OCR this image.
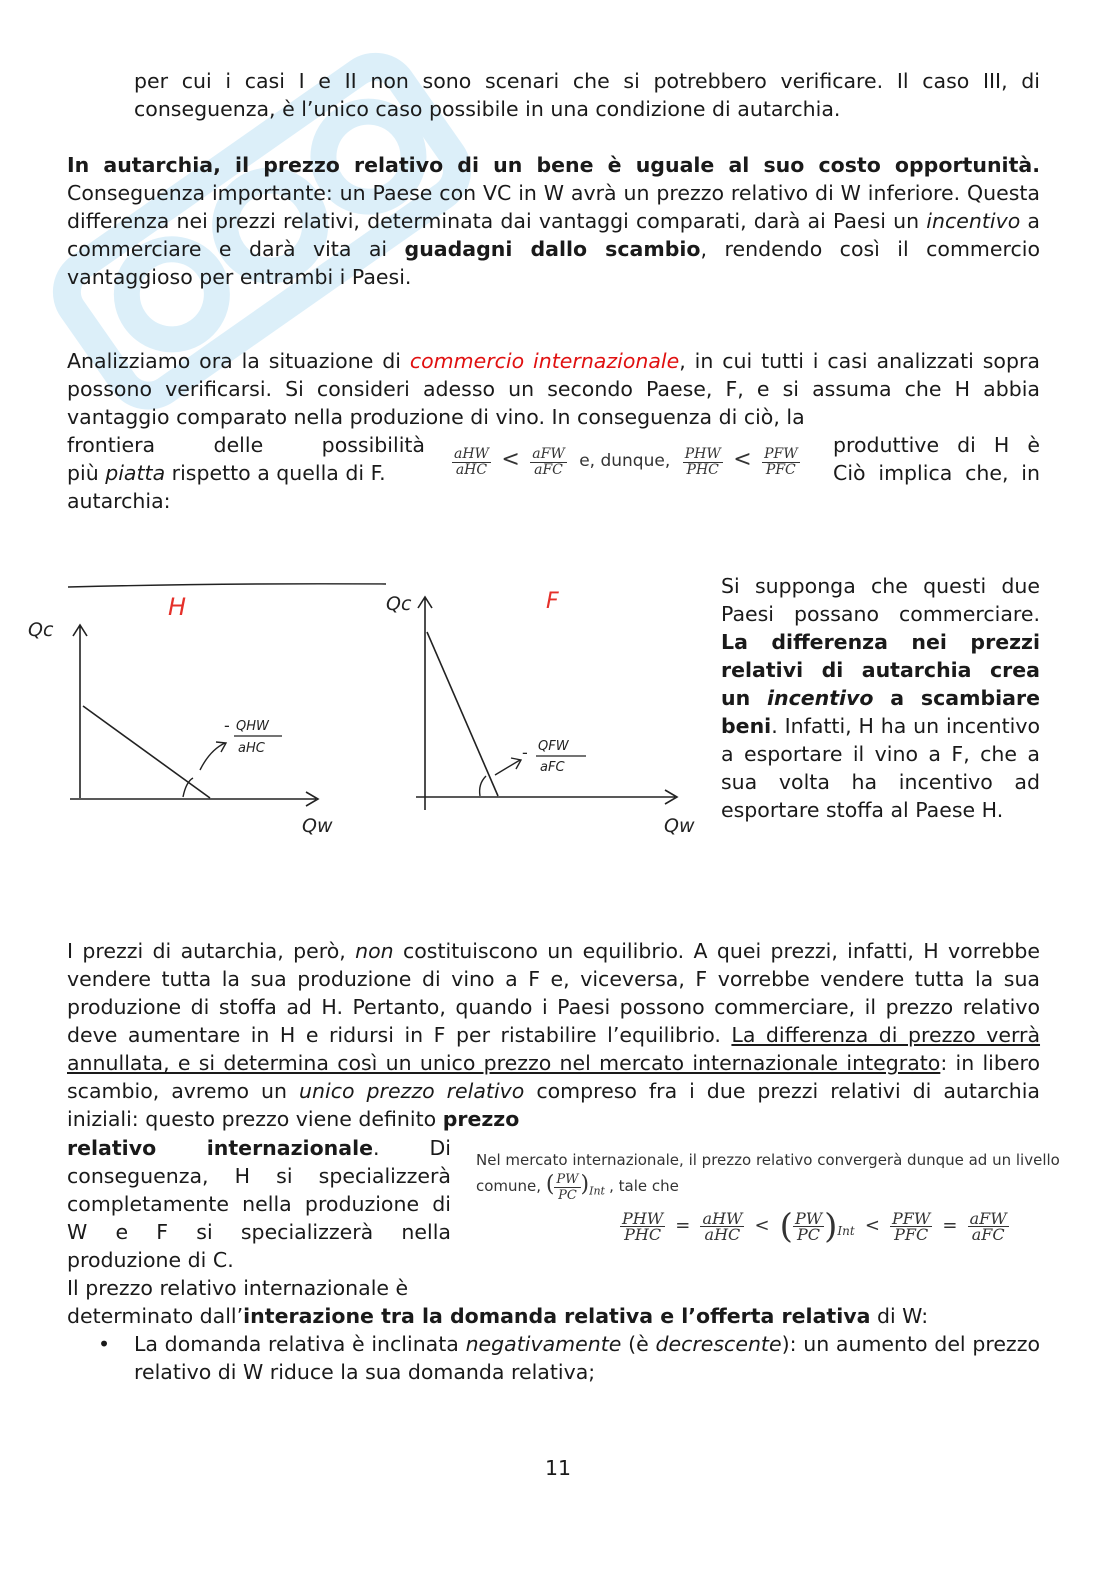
per cui i casi I e II non sono scenari che si potrebbero verificare. Il caso III, di conseguenza, è l’unico caso possibile in una condizione di autarchia.
In autarchia, il prezzo relativo di un bene è uguale al suo costo opportunità. Conseguenza importante: un Paese con VC in W avrà un prezzo relativo di W inferiore. Questa differenza nei prezzi relativi, determinata dai vantaggi comparati, darà ai Paesi un incentivo a commerciare e darà vita ai guadagni dallo scambio, rendendo così il commercio vantaggioso per entrambi i Paesi.
Analizziamo ora la situazione di commercio internazionale, in cui tutti i casi analizzati sopra possono verificarsi. Si consideri adesso un secondo Paese, F, e si assuma che H abbia vantaggio comparato nella produzione di vino. In conseguenza di ciò, la
frontiera delle possibilità
più piatta rispetto a quella di F.
produttive di H è
Ciò implica che, in
autarchia:
$\frac{\text{aHW}}{\text{aHC}} < \frac{\text{aFW}}{\text{aFC}} e$, dunque, $\frac{\text{PHW}}{\text{PHC}} < \frac{\text{PFW}}{\text{PFC}}$
H
Qc
- QHW
aHC
Qw
F
Qc
- QFW
aFC
Qw
Si supponga che questi due Paesi possano commerciare. La differenza nei prezzi relativi di autarchia crea un incentivo a scambiare beni. Infatti, H ha un incentivo a esportare il vino a F, che a sua volta ha incentivo ad esportare stoffa al Paese H.
I prezzi di autarchia, però, non costituiscono un equilibrio. A quei prezzi, infatti, H vorrebbe vendere tutta la sua produzione di vino a F e, viceversa, F vorrebbe vendere tutta la sua produzione di stoffa ad H. Pertanto, quando i Paesi possono commerciare, il prezzo relativo deve aumentare in H e ridursi in F per ristabilire l’equilibrio. La differenza di prezzo verrà annullata, e si determina così un unico prezzo nel mercato internazionale integrato: in libero scambio, avremo un unico prezzo relativo compreso fra i due prezzi relativi di autarchia iniziali: questo prezzo viene definito prezzo
relativo internazionale. Di conseguenza, H si specializzerà completamente nella produzione di W e F si specializzerà nella produzione di C.
Il prezzo relativo internazionale è
Nel mercato internazionale, il prezzo relativo convergerà dunque ad un livello
comune, ( $\frac{PW}{PC} )_{Int}$ , tale che
$\frac{\text{PHW}}{\text{PHC}} = \frac{\text{aHW}}{\text{aHC}}$ < ( $\frac{PW}{PC} )_{Int} < \frac{\text{PFW}}{\text{PFC}} = \frac{\text{aFW}}{\text{aFC}}$
determinato dall’interazione tra la domanda relativa e l’offerta relativa di W:
• La domanda relativa è inclinata negativamente (è decrescente): un aumento del prezzo relativo di W riduce la sua domanda relativa;
11
